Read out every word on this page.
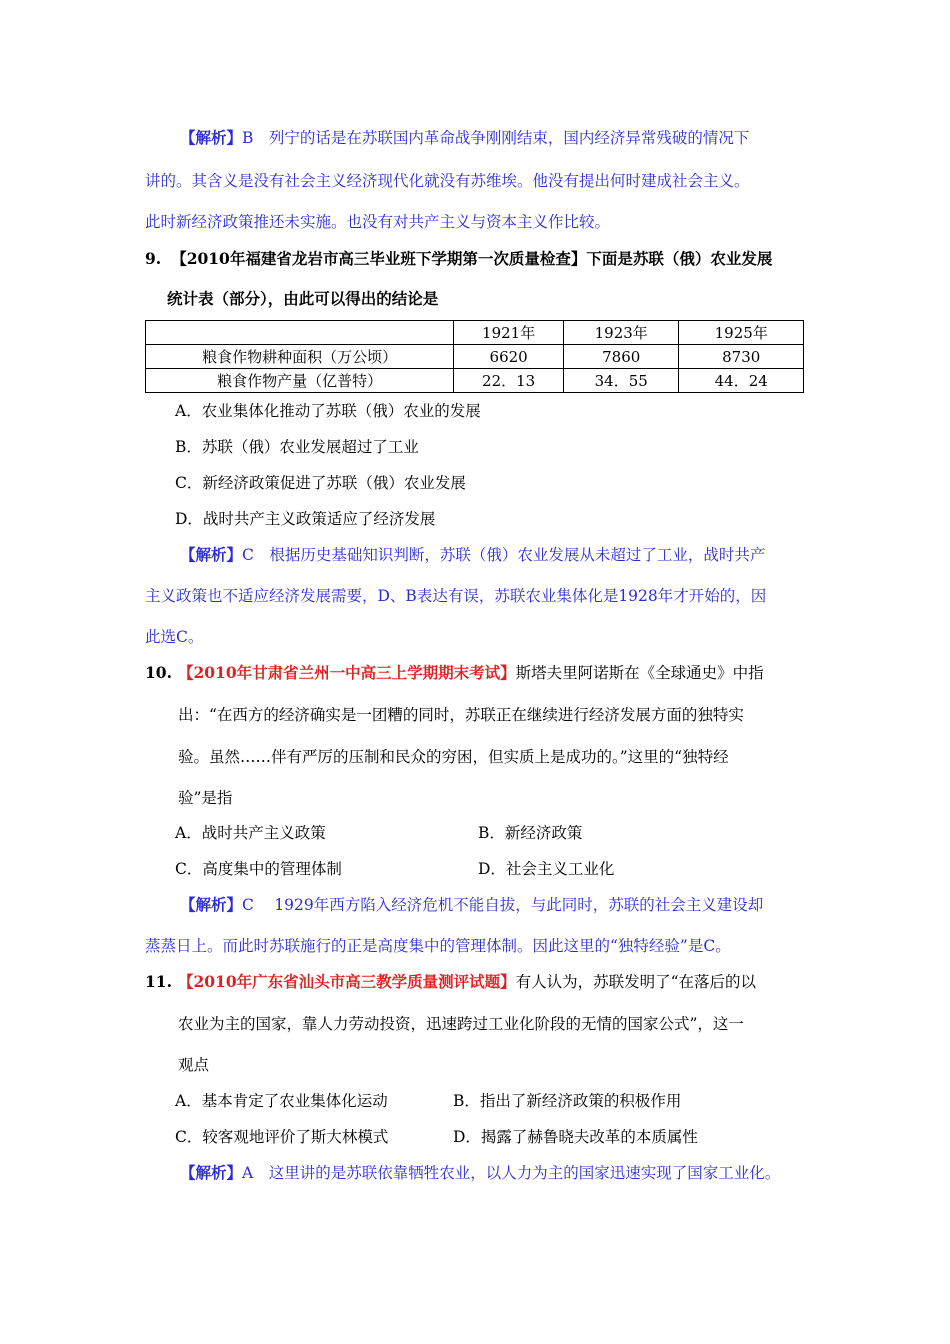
【解析】B　列宁的话是在苏联国内革命战争刚刚结束，国内经济异常残破的情况下
讲的。其含义是没有社会主义经济现代化就没有苏维埃。他没有提出何时建成社会主义。
此时新经济政策推还未实施。也没有对共产主义与资本主义作比较。
9. 【2010年福建省龙岩市高三毕业班下学期第一次质量检查】下面是苏联（俄）农业发展
统计表（部分），由此可以得出的结论是
	1921年	1923年	1925年
粮食作物耕种面积（万公顷）	6620	7860	8730
粮食作物产量（亿普特）	22．13	34．55	44．24
A．农业集体化推动了苏联（俄）农业的发展
B．苏联（俄）农业发展超过了工业
C．新经济政策促进了苏联（俄）农业发展
D．战时共产主义政策适应了经济发展
【解析】C　根据历史基础知识判断，苏联（俄）农业发展从未超过了工业，战时共产
主义政策也不适应经济发展需要，D、B表达有误，苏联农业集体化是1928年才开始的，因
此选C。
10. 【2010年甘肃省兰州一中高三上学期期末考试】斯塔夫里阿诺斯在《全球通史》中指
出：“在西方的经济确实是一团糟的同时，苏联正在继续进行经济发展方面的独特实
验。虽然……伴有严厉的压制和民众的穷困，但实质上是成功的。”这里的“独特经
验”是指
A．战时共产主义政策	B．新经济政策
C．高度集中的管理体制	D．社会主义工业化
【解析】C　 1929年西方陷入经济危机不能自拔，与此同时，苏联的社会主义建设却
蒸蒸日上。而此时苏联施行的正是高度集中的管理体制。因此这里的“独特经验”是C。
11. 【2010年广东省汕头市高三教学质量测评试题】有人认为，苏联发明了“在落后的以
农业为主的国家，靠人力劳动投资，迅速跨过工业化阶段的无情的国家公式”，这一
观点
A．基本肯定了农业集体化运动	B．指出了新经济政策的积极作用
C．较客观地评价了斯大林模式	D．揭露了赫鲁晓夫改革的本质属性
【解析】A　这里讲的是苏联依靠牺牲农业，以人力为主的国家迅速实现了国家工业化。
